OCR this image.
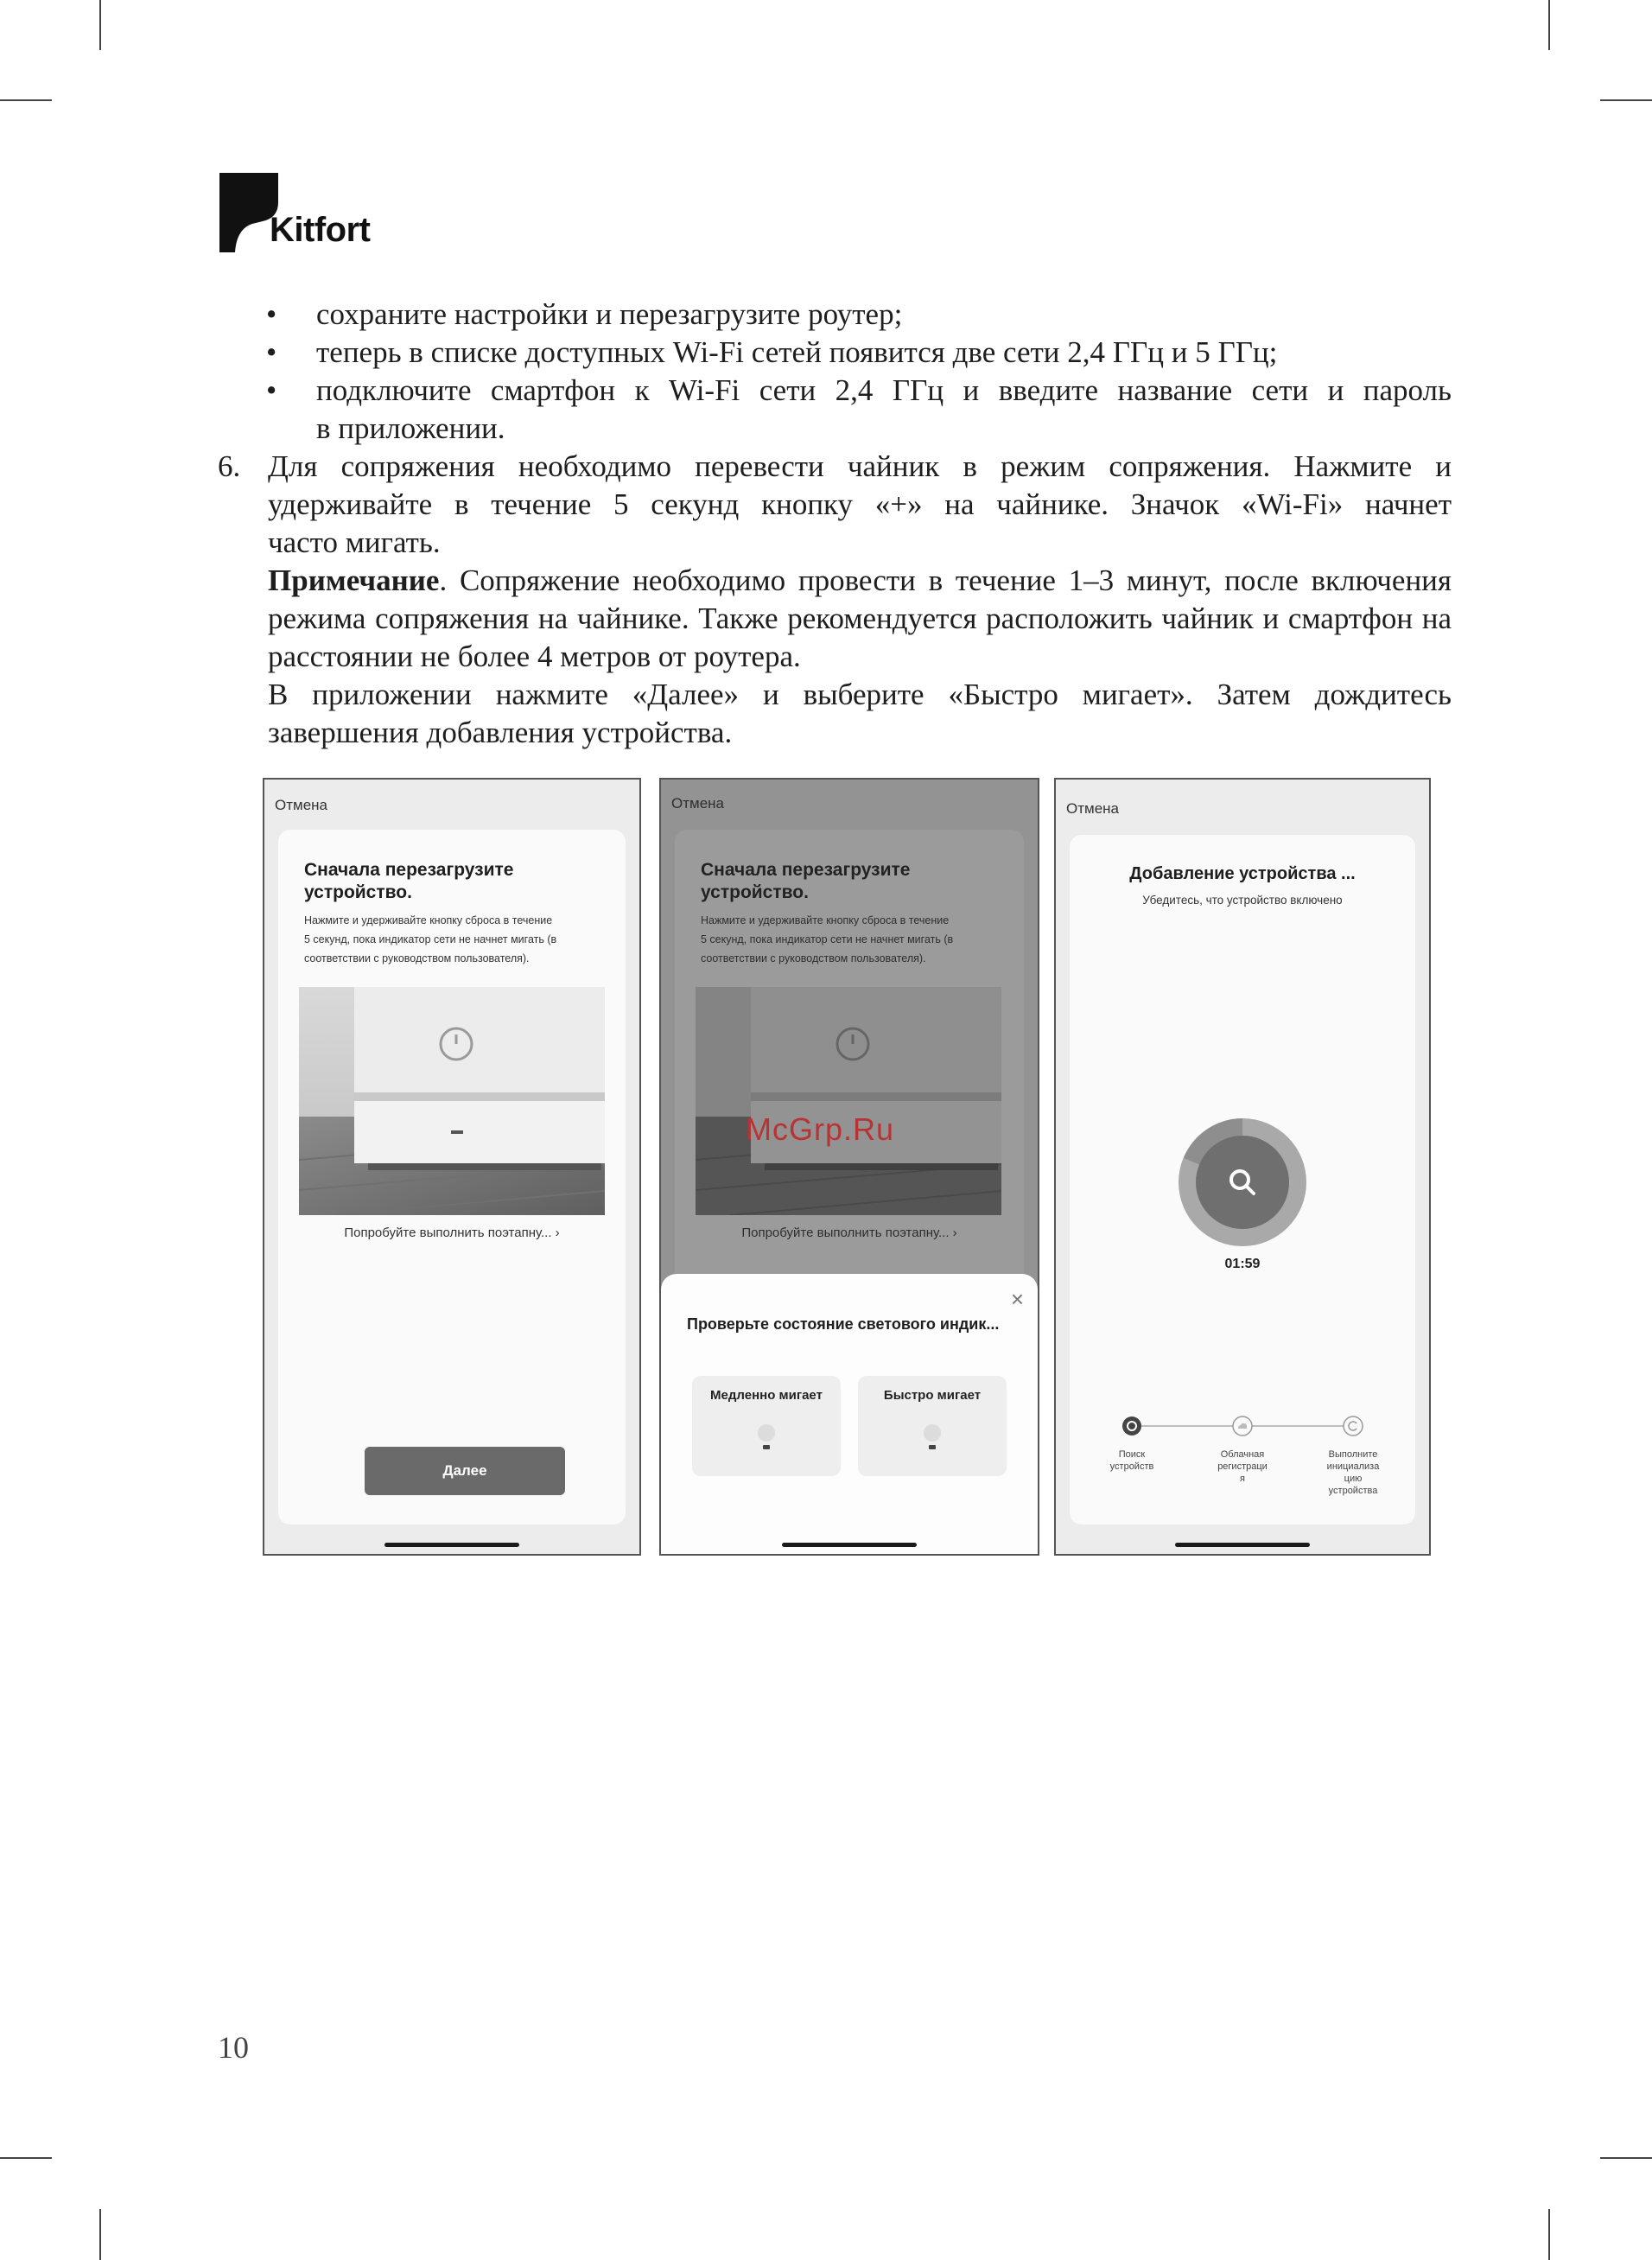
Kitfort
• сохраните настройки и перезагрузите роутер;
• теперь в списке доступных Wi-Fi сетей появится две сети 2,4 ГГц и 5 ГГц;
• подключите смартфон к Wi-Fi сети 2,4 ГГц и введите название сети и пароль
в приложении.
6. Для сопряжения необходимо перевести чайник в режим сопряжения. Нажмите и
удерживайте в течение 5 секунд кнопку «+» на чайнике. Значок «Wi-Fi» начнет
часто мигать.
Примечание. Сопряжение необходимо провести в течение 1–3 минут, после включения режима сопряжения на чайнике. Также рекомендуется расположить чайник и смартфон на расстоянии не более 4 метров от роутера.
В приложении нажмите «Далее» и выберите «Быстро мигает». Затем дождитесь завершения добавления устройства.
Отмена
Сначала перезагрузите устройство.
Нажмите и удерживайте кнопку сброса в течение
5 секунд, пока индикатор сети не начнет мигать (в
соответствии с руководством пользователя).
Попробуйте выполнить поэтапну... ›
Далее
Отмена
Сначала перезагрузите устройство.
Нажмите и удерживайте кнопку сброса в течение
5 секунд, пока индикатор сети не начнет мигать (в
соответствии с руководством пользователя).
Попробуйте выполнить поэтапну... ›
McGrp.Ru
×
Проверьте состояние светового индик...
Медленно мигает	Быстро мигает
Отмена
Добавление устройства ...
Убедитесь, что устройство включено
01:59
Поиск
устройств
Облачная
регистраци
я
Выполните
инициализа
цию
устройства
10
